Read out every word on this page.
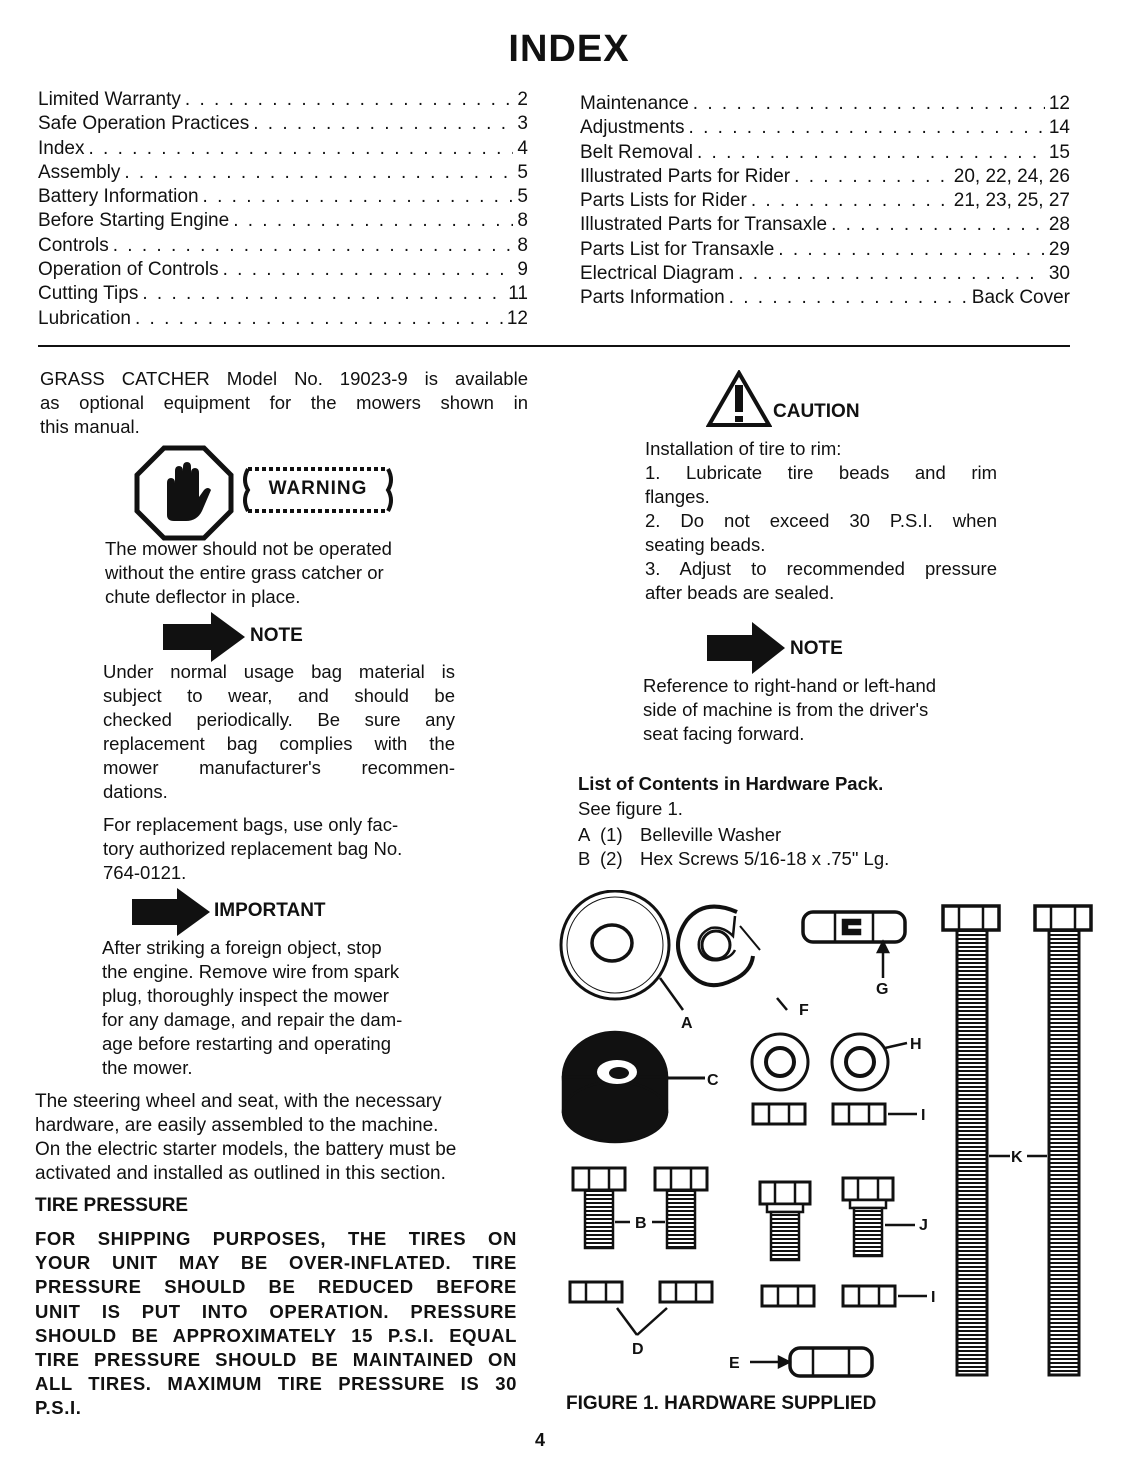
INDEX
Limited Warranty . . .	2
Safe Operation Practices . . .	3
Index . . .	4
Assembly . . .	5
Battery Information . . .	5
Before Starting Engine . . .	8
Controls . . .	8
Operation of Controls . . .	9
Cutting Tips . . .	11
Lubrication . . .	12
Maintenance . . .	12
Adjustments . . .	14
Belt Removal . . .	15
Illustrated Parts for Rider . . .	20, 22, 24, 26
Parts Lists for Rider . . .	21, 23, 25, 27
Illustrated Parts for Transaxle . . .	28
Parts List for Transaxle . . .	29
Electrical Diagram . . .	30
Parts Information . . .	Back Cover
GRASS CATCHER Model No. 19023-9 is available
as optional equipment for the mowers shown in
this manual.
WARNING
The mower should not be operated
without the entire grass catcher or
chute deflector in place.
NOTE
Under normal usage bag material is
subject to wear, and should be
checked periodically. Be sure any
replacement bag complies with the
mower manufacturer's recommen-
dations.
For replacement bags, use only fac-
tory authorized replacement bag No.
764-0121.
IMPORTANT
After striking a foreign object, stop
the engine. Remove wire from spark
plug, thoroughly inspect the mower
for any damage, and repair the dam-
age before restarting and operating
the mower.
The steering wheel and seat, with the necessary
hardware, are easily assembled to the machine.
On the electric starter models, the battery must be
activated and installed as outlined in this section.
TIRE PRESSURE
FOR SHIPPING PURPOSES, THE TIRES ON
YOUR UNIT MAY BE OVER-INFLATED. TIRE
PRESSURE SHOULD BE REDUCED BEFORE
UNIT IS PUT INTO OPERATION. PRESSURE
SHOULD BE APPROXIMATELY 15 P.S.I. EQUAL
TIRE PRESSURE SHOULD BE MAINTAINED ON
ALL TIRES. MAXIMUM TIRE PRESSURE IS 30
P.S.I.
CAUTION
Installation of tire to rim:
1. Lubricate tire beads and rim
flanges.
2. Do not exceed 30 P.S.I. when
seating beads.
3. Adjust to recommended pressure
after beads are sealed.
NOTE
Reference to right-hand or left-hand
side of machine is from the driver's
seat facing forward.
List of Contents in Hardware Pack.
See figure 1.
A (1) Belleville Washer
B (2) Hex Screws 5/16-18 x .75" Lg.
A
F
G
C
H
I
B	J
I
D
E
K
FIGURE 1. HARDWARE SUPPLIED
4
